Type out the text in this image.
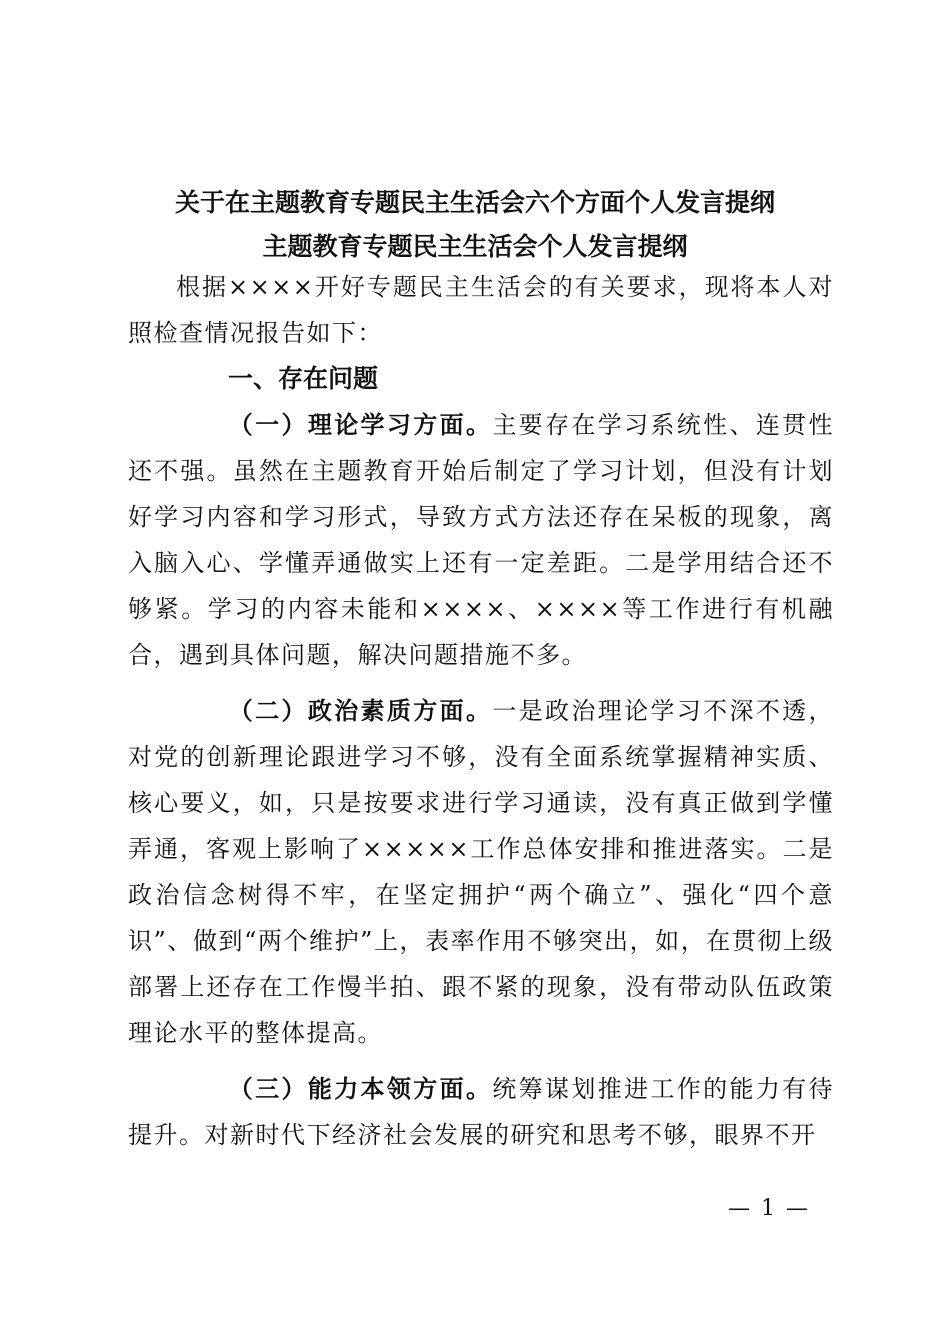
关于在主题教育专题民主生活会六个方面个人发言提纲
主题教育专题民主生活会个人发言提纲

根据××××开好专题民主生活会的有关要求，现将本人对照检查情况报告如下：

一、存在问题

（一）理论学习方面。主要存在学习系统性、连贯性还不强。虽然在主题教育开始后制定了学习计划，但没有计划好学习内容和学习形式，导致方式方法还存在呆板的现象，离入脑入心、学懂弄通做实上还有一定差距。二是学用结合还不够紧。学习的内容未能和××××、××××等工作进行有机融合，遇到具体问题，解决问题措施不多。

（二）政治素质方面。一是政治理论学习不深不透，对党的创新理论跟进学习不够，没有全面系统掌握精神实质、核心要义，如，只是按要求进行学习通读，没有真正做到学懂弄通，客观上影响了×××××工作总体安排和推进落实。二是政治信念树得不牢，在坚定拥护“两个确立”、强化“四个意识”、做到“两个维护”上，表率作用不够突出，如，在贯彻上级部署上还存在工作慢半拍、跟不紧的现象，没有带动队伍政策理论水平的整体提高。

（三）能力本领方面。统筹谋划推进工作的能力有待提升。对新时代下经济社会发展的研究和思考不够，眼界不开

— 1 —
